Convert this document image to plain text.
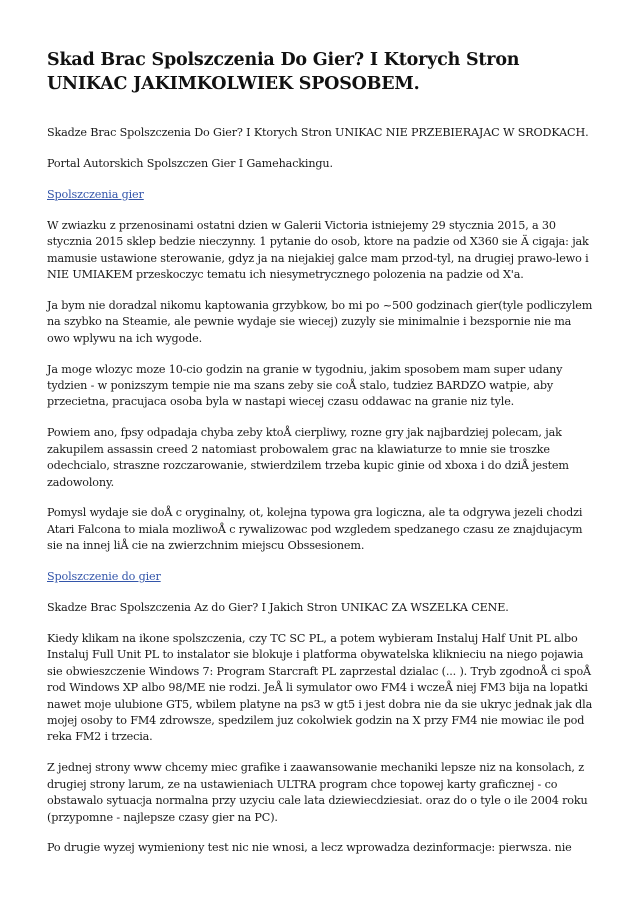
Skad Brac Spolszczenia Do Gier? I Ktorych Stron UNIKAC JAKIMKOLWIEK SPOSOBEM.

Skadze Brac Spolszczenia Do Gier? I Ktorych Stron UNIKAC NIE PRZEBIERAJAC W SRODKACH.

Portal Autorskich Spolszczen Gier I Gamehackingu.

Spolszczenia gier

W zwiazku z przenosinami ostatni dzien w Galerii Victoria istniejemy 29 stycznia 2015, a 30 stycznia 2015 sklep bedzie nieczynny. 1 pytanie do osob, ktore na padzie od X360 sie Ä cigaja: jak mamusie ustawione sterowanie, gdyz ja na niejakiej galce mam przod-tyl, na drugiej prawo-lewo i NIE UMIAKEM przeskoczyc tematu ich niesymetrycznego polozenia na padzie od X'a.

Ja bym nie doradzal nikomu kaptowania grzybkow, bo mi po ~500 godzinach gier(tyle podliczylem na szybko na Steamie, ale pewnie wydaje sie wiecej) zuzyly sie minimalnie i bezspornie nie ma owo wplywu na ich wygode.

Ja moge wlozyc moze 10-cio godzin na granie w tygodniu, jakim sposobem mam super udany tydzien - w ponizszym tempie nie ma szans zeby sie coÅ stalo, tudziez BARDZO watpie, aby przecietna, pracujaca osoba byla w nastapi wiecej czasu oddawac na granie niz tyle.

Powiem ano, fpsy odpadaja chyba zeby ktoÅ cierpliwy, rozne gry jak najbardziej polecam, jak zakupilem assassin creed 2 natomiast probowalem grac na klawiaturze to mnie sie troszke odechcialo, straszne rozczarowanie, stwierdzilem trzeba kupic ginie od xboxa i do dziÅ jestem zadowolony.

Pomysl wydaje sie doÅ c oryginalny, ot, kolejna typowa gra logiczna, ale ta odgrywa jezeli chodzi Atari Falcona to miala mozliwoÅ c rywalizowac pod wzgledem spedzanego czasu ze znajdujacym sie na innej liÅ cie na zwierzchnim miejscu Obssesionem.

Spolszczenie do gier

Skadze Brac Spolszczenia Az do Gier? I Jakich Stron UNIKAC ZA WSZELKA CENE.

Kiedy klikam na ikone spolszczenia, czy TC SC PL, a potem wybieram Instaluj Half Unit PL albo Instaluj Full Unit PL to instalator sie blokuje i platforma obywatelska kliknieciu na niego pojawia sie obwieszczenie Windows 7: Program Starcraft PL zaprzestal dzialac (... ). Tryb zgodnoÅ ci spoÅ rod Windows XP albo 98/ME nie rodzi. JeÅ li symulator owo FM4 i wczeÅ niej FM3 bija na lopatki nawet moje ulubione GT5, wbilem platyne na ps3 w gt5 i jest dobra nie da sie ukryc jednak jak dla mojej osoby to FM4 zdrowsze, spedzilem juz cokolwiek godzin na X przy FM4 nie mowiac ile pod reka FM2 i trzecia.

Z jednej strony www chcemy miec grafike i zaawansowanie mechaniki lepsze niz na konsolach, z drugiej strony larum, ze na ustawieniach ULTRA program chce topowej karty graficznej - co obstawalo sytuacja normalna przy uzyciu cale lata dziewiecdziesiat. oraz do o tyle o ile 2004 roku (przypomne - najlepsze czasy gier na PC).

Po drugie wyzej wymieniony test nic nie wnosi, a lecz wprowadza dezinformacje: pierwsza. nie
